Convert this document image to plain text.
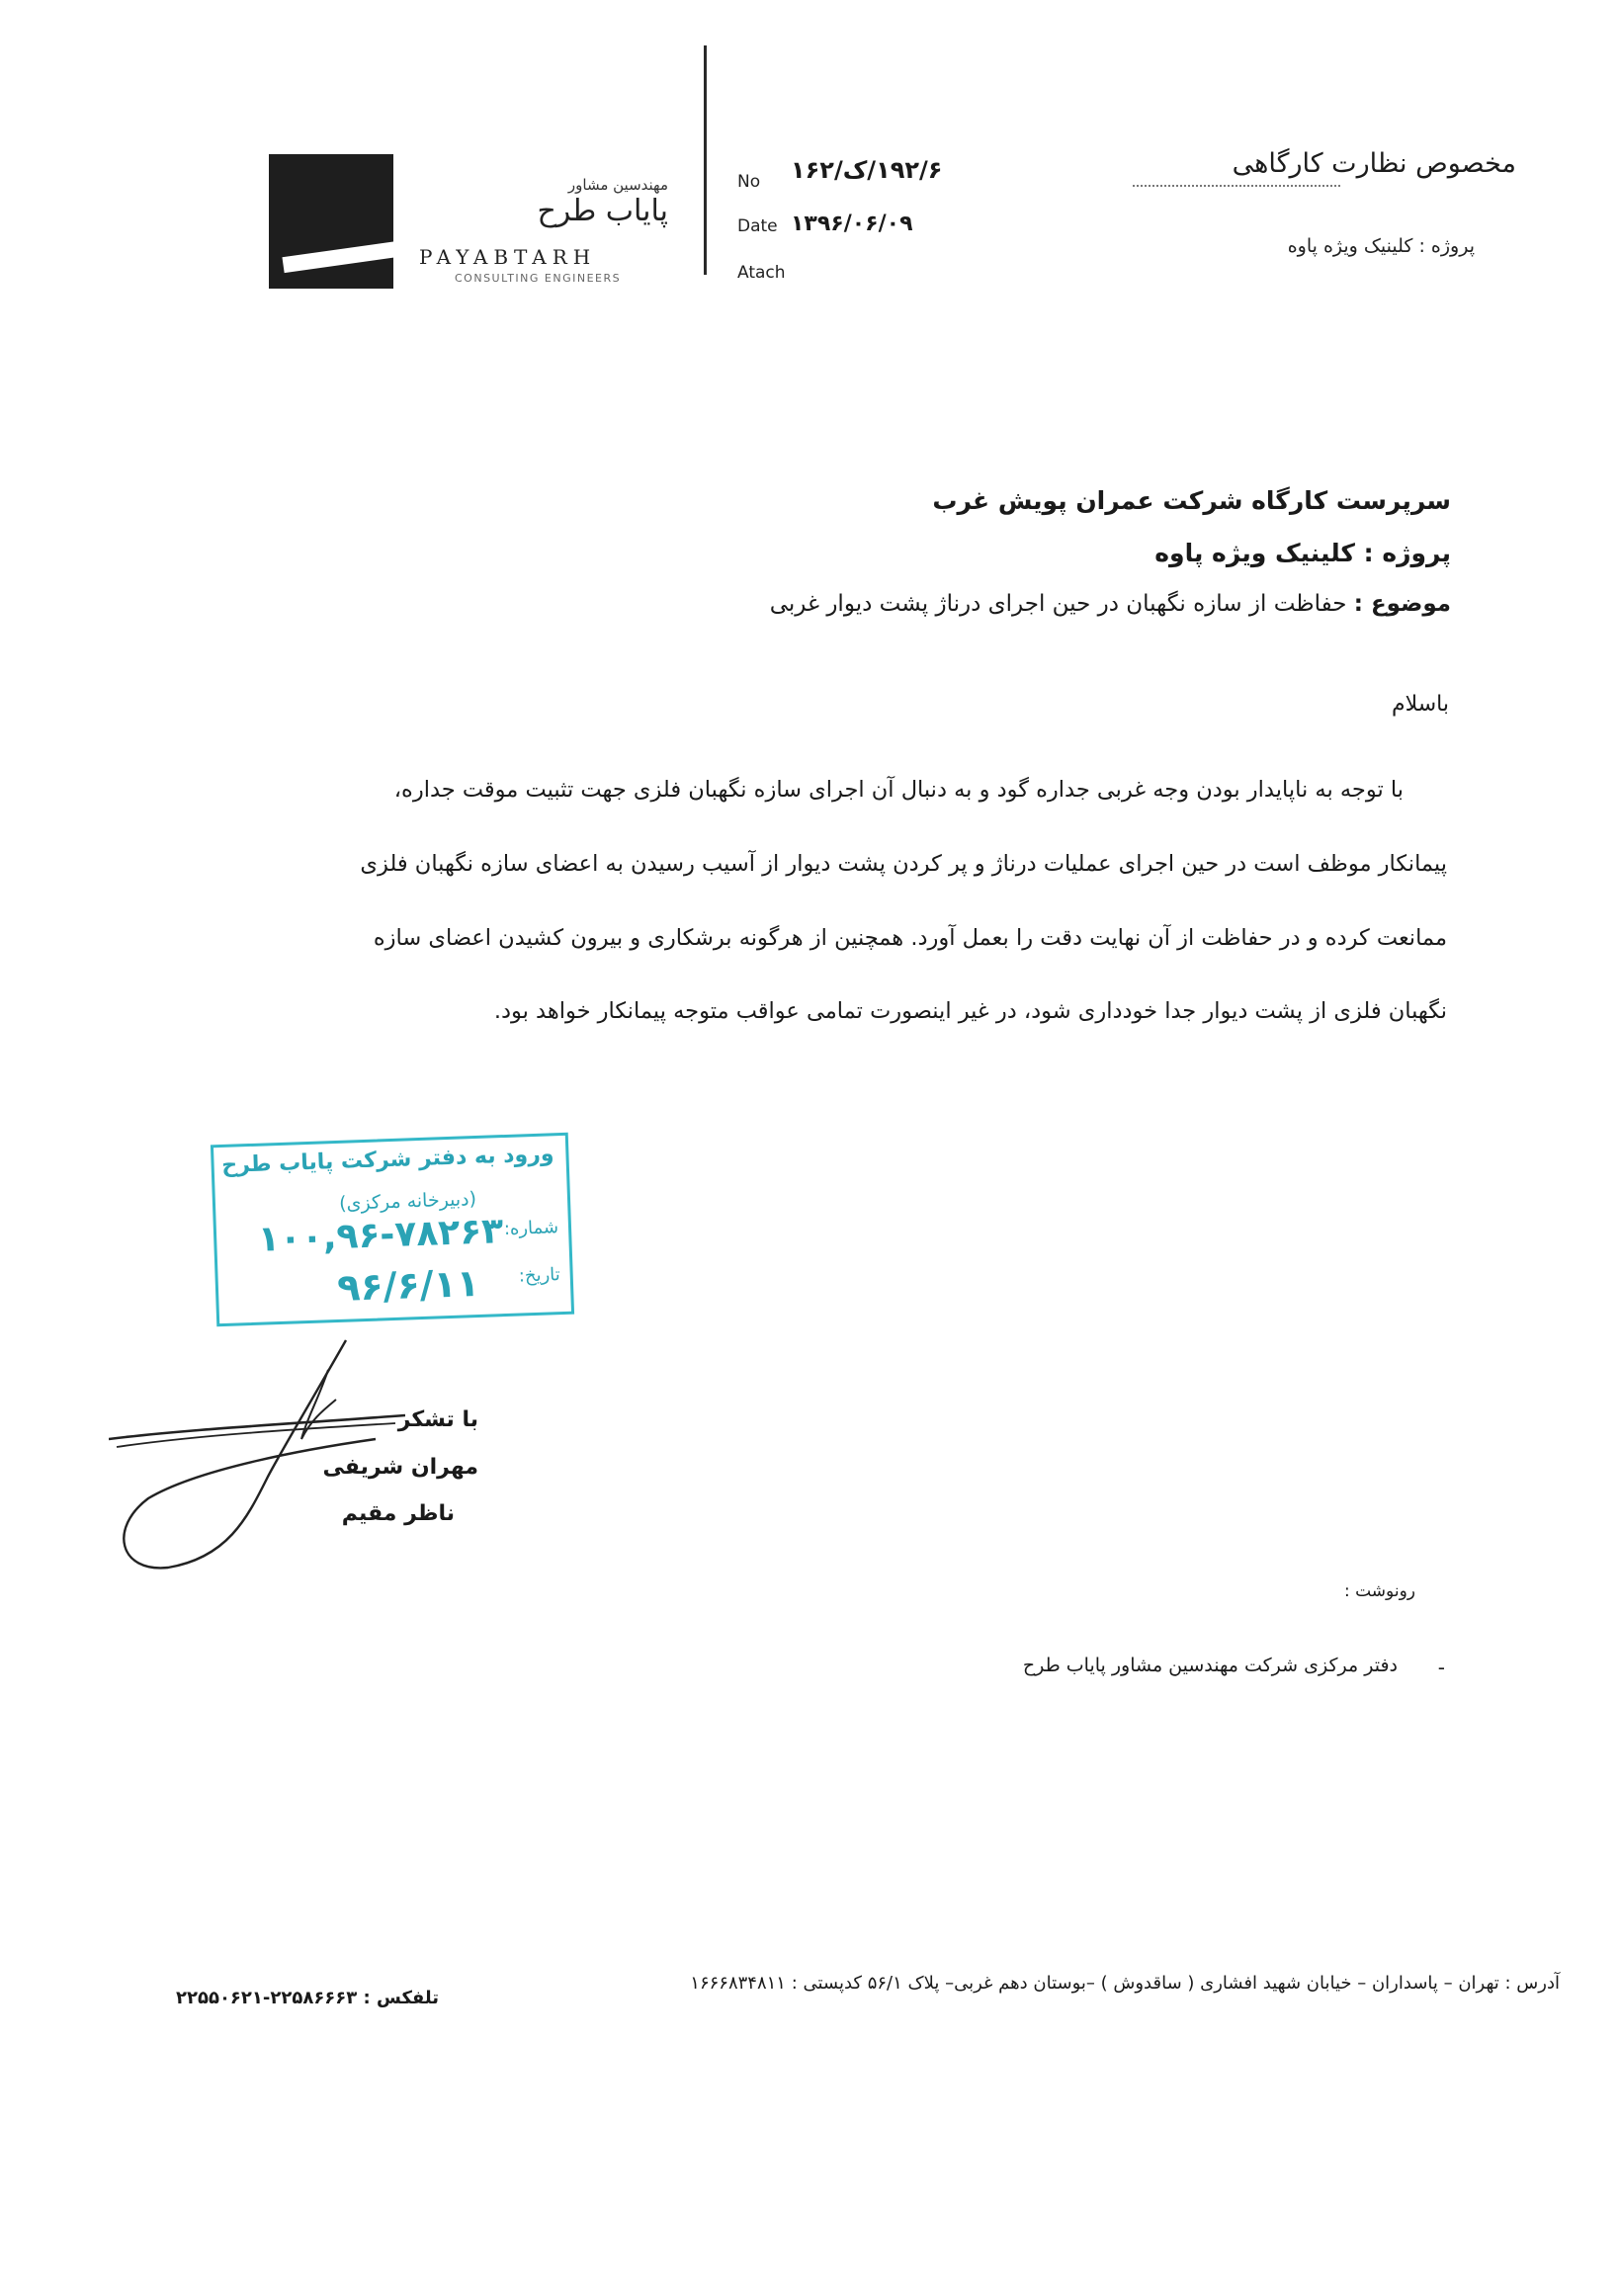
مهندسین مشاور
پایاب طرح
PAYABTARH
CONSULTING ENGINEERS
No ۱۹۲/۶/ک/۱۶۲
Date ۱۳۹۶/۰۶/۰۹
Atach
مخصوص نظارت کارگاهی
پروژه : کلینیک ویژه پاوه
سرپرست کارگاه شرکت عمران پویش غرب
پروژه : کلینیک ویژه پاوه
موضوع : حفاظت از سازه نگهبان در حین اجرای درناژ پشت دیوار غربی
باسلام
با توجه به ناپایدار بودن وجه غربی جداره گود و به دنبال آن اجرای سازه نگهبان فلزی جهت تثبیت موقت جداره،
پیمانکار موظف است در حین اجرای عملیات درناژ و پر کردن پشت دیوار از آسیب رسیدن به اعضای سازه نگهبان فلزی
ممانعت کرده و در حفاظت از آن نهایت دقت را بعمل آورد. همچنین از هرگونه برشکاری و بیرون کشیدن اعضای سازه
نگهبان فلزی از پشت دیوار جدا خودداری شود، در غیر اینصورت تمامی عواقب متوجه پیمانکار خواهد بود.
ورود به دفتر شرکت پایاب طرح
(دبیرخانه مرکزی)
شماره:
۱۰۰,۹۶-۷۸۲۶۳
تاریخ:
۹۶/۶/۱۱
با تشکر
مهران شریفی
ناظر مقیم
رونوشت :
-
دفتر مرکزی شرکت مهندسین مشاور پایاب طرح
آدرس : تهران – پاسداران – خیابان شهید افشاری ( ساقدوش ) –بوستان دهم غربی– پلاک ۵۶/۱ کدپستی : ۱۶۶۶۸۳۴۸۱۱
تلفکس : ۲۲۵۸۶۶۶۳-۲۲۵۵۰۶۲۱
